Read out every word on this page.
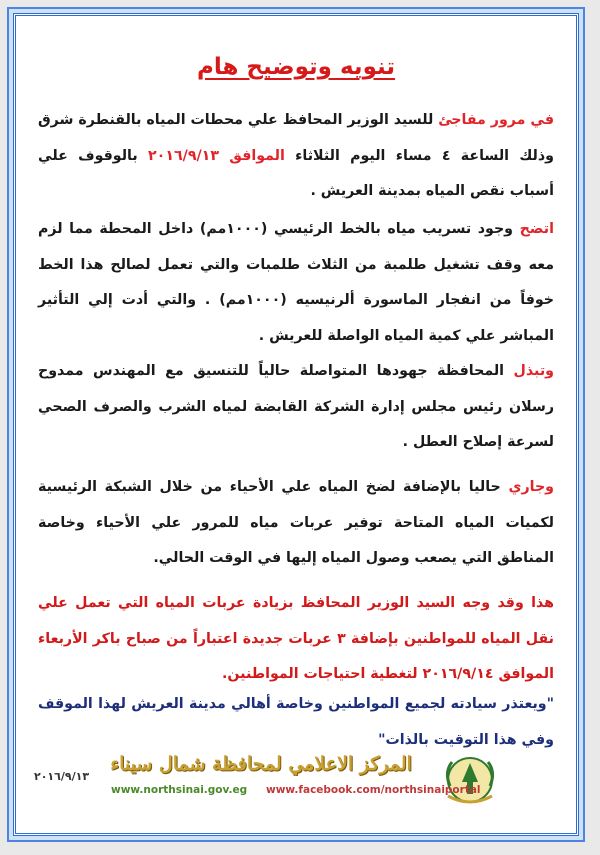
تنويه وتوضيح هام
في مرور مفاجئ للسيد الوزير المحافظ علي محطات المياه بالقنطرة شرق وذلك الساعة ٤ مساء اليوم الثلاثاء الموافق ٢٠١٦/٩/١٣ بالوقوف علي أسباب نقص المياه بمدينة العريش .
اتضح وجود تسريب مياه بالخط الرئيسي (١٠٠٠مم) داخل المحطة مما لزم معه وقف تشغيل طلمبة من الثلاث طلمبات والتي تعمل لصالح هذا الخط خوفاً من انفجار الماسورة ألرنيسيه (١٠٠٠مم) . والتي أدت إلي التأثير المباشر علي كمية المياه الواصلة للعريش .
وتبذل المحافظة جهودها المتواصلة حالياً للتنسيق مع المهندس ممدوح رسلان رئيس مجلس إدارة الشركة القابضة لمياه الشرب والصرف الصحي لسرعة إصلاح العطل .
وجاري حاليا بالإضافة لضخ المياه علي الأحياء من خلال الشبكة الرئيسية لكميات المياه المتاحة توفير عربات مياه للمرور علي الأحياء وخاصة المناطق التي يصعب وصول المياه إليها في الوقت الحالي.
هذا وقد وجه السيد الوزير المحافظ بزيادة عربات المياه التي تعمل علي نقل المياه للمواطنين بإضافة ٣ عربات جديدة اعتباراً من صباح باكر الأربعاء الموافق ٢٠١٦/٩/١٤ لتغطية احتياجات المواطنين.
"ويعتذر سيادته لجميع المواطنين وخاصة أهالي مدينة العريش لهذا الموقف وفي هذا التوقيت بالذات"
٢٠١٦/٩/١٣
المركز الاعلامي لمحافظة شمال سيناء
www.facebook.com/northsinaiportal
www.northsinai.gov.eg
